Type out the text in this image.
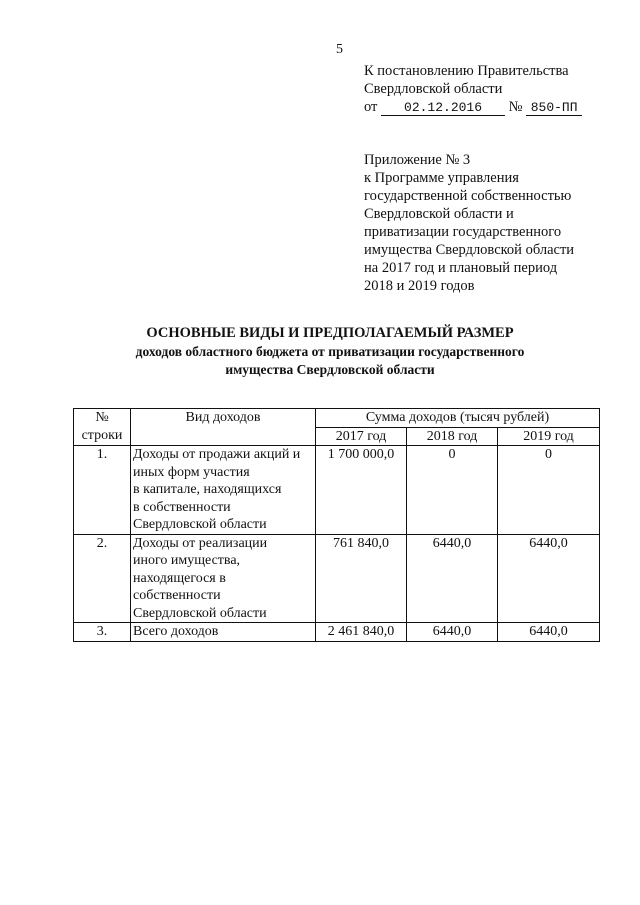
5
К постановлению Правительства
Свердловской области
от 02.12.2016 № 850-ПП
Приложение № 3
к Программе управления
государственной собственностью
Свердловской области и
приватизации государственного
имущества Свердловской области
на 2017 год и плановый период
2018 и 2019 годов
ОСНОВНЫЕ ВИДЫ И ПРЕДПОЛАГАЕМЫЙ РАЗМЕР
доходов областного бюджета от приватизации государственного
имущества Свердловской области
№
строки	Вид доходов	Сумма доходов (тысяч рублей)		
		2017 год	2018 год	2019 год
1.	Доходы от продажи акций и
иных форм участия
в капитале, находящихся
в собственности
Свердловской области	1 700 000,0	0	0
2.	Доходы от реализации
иного имущества,
находящегося в
собственности
Свердловской области	761 840,0	6440,0	6440,0
3.	Всего доходов	2 461 840,0	6440,0	6440,0
